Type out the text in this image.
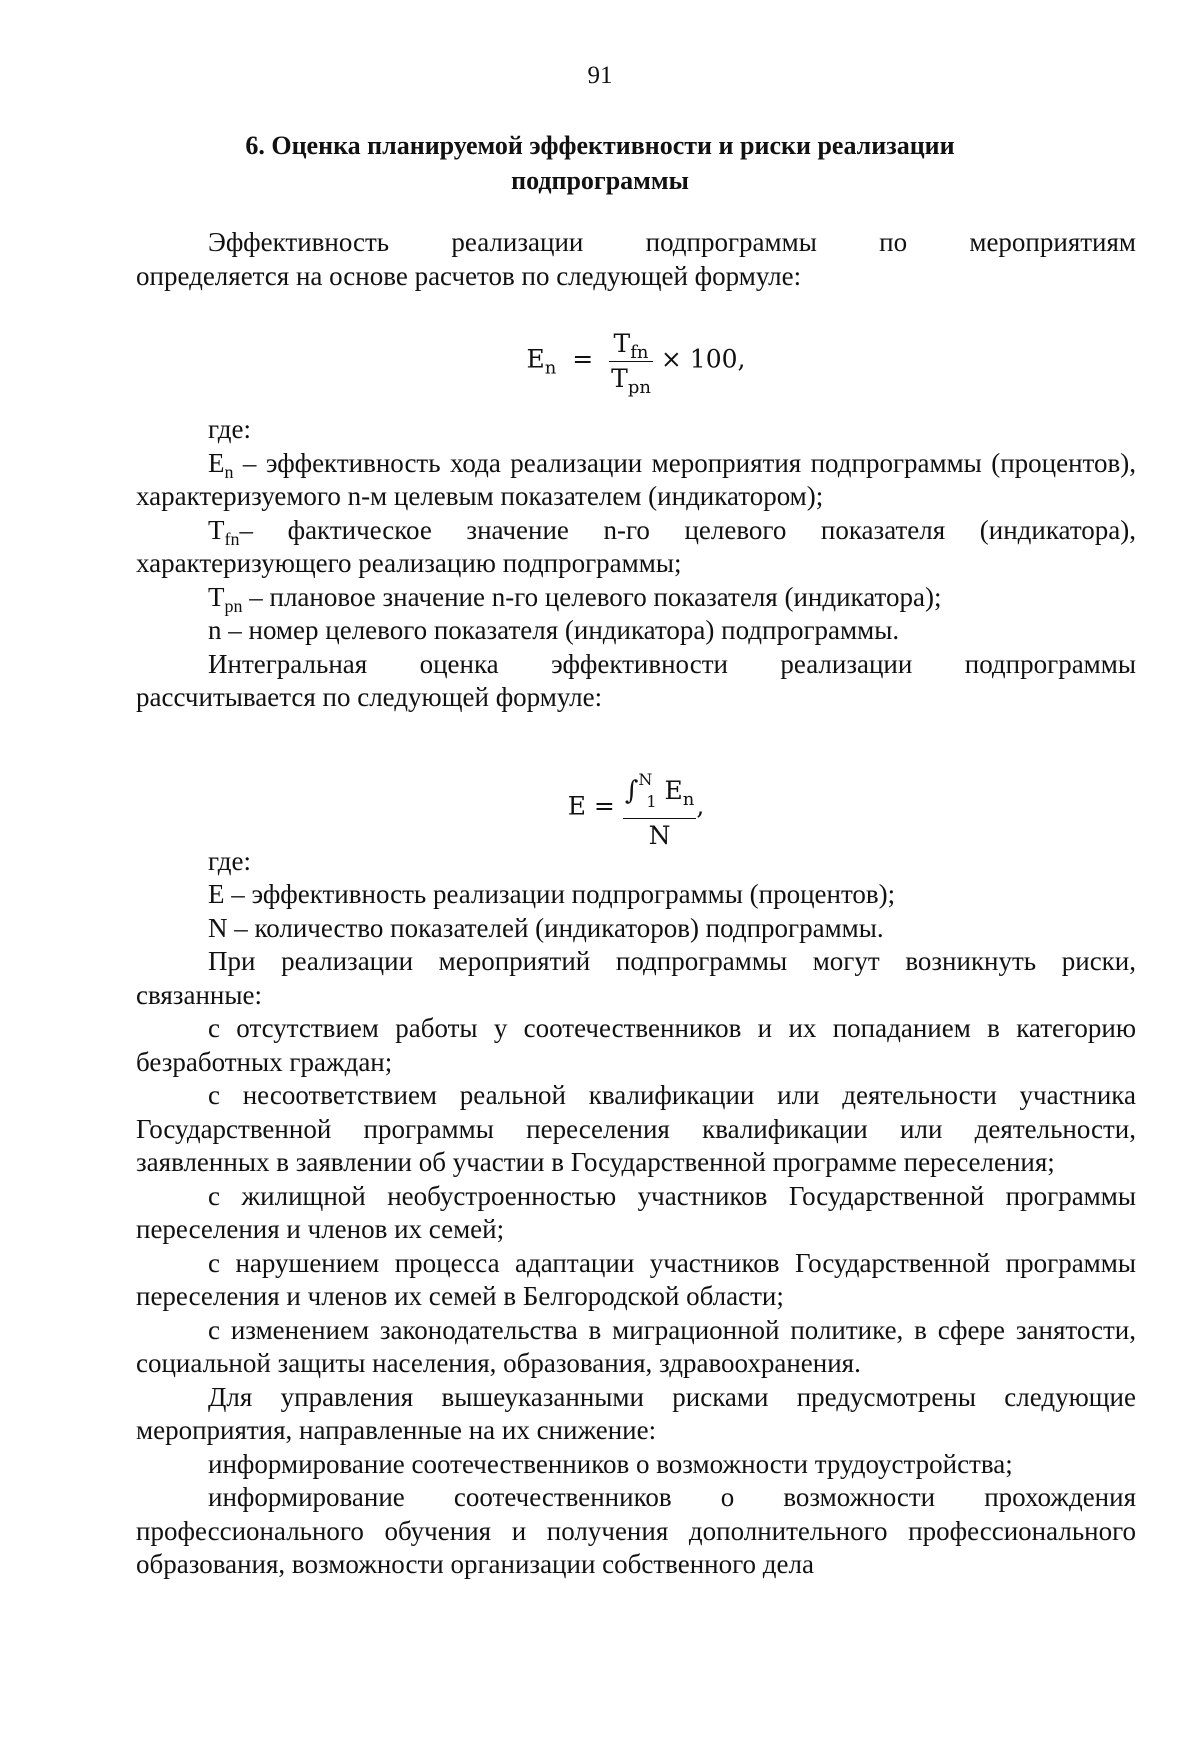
91
6. Оценка планируемой эффективности и риски реализации
подпрограммы

Эффективность реализации подпрограммы по мероприятиям

определяется на основе расчетов по следующей формуле:

$E_n = \frac{T_{fn}}{T_{pn}} \times 100$,

где:

$E_n$ – эффективность хода реализации мероприятия подпрограммы (процентов), характеризуемого n-м целевым показателем (индикатором);

$T_{fn}-$ фактическое значение n-го целевого показателя (индикатора), характеризующего реализацию подпрограммы;

$T_{pn}$ – плановое значение n-го целевого показателя (индикатора);

n – номер целевого показателя (индикатора) подпрограммы.

Интегральная оценка эффективности реализации подпрограммы рассчитывается по следующей формуле:

$E = \frac{\int^N_1 E_n}{N}$ ,

где:

E – эффективность реализации подпрограммы (процентов);

N – количество показателей (индикаторов) подпрограммы.

При реализации мероприятий подпрограммы могут возникнуть риски, связанные:

с отсутствием работы у соотечественников и их попаданием в категорию безработных граждан;

с несоответствием реальной квалификации или деятельности участника Государственной программы переселения квалификации или деятельности, заявленных в заявлении об участии в Государственной программе переселения;

с жилищной необустроенностью участников Государственной программы переселения и членов их семей;

с нарушением процесса адаптации участников Государственной программы переселения и членов их семей в Белгородской области;

с изменением законодательства в миграционной политике, в сфере занятости, социальной защиты населения, образования, здравоохранения.

Для управления вышеуказанными рисками предусмотрены следующие мероприятия, направленные на их снижение:

информирование соотечественников о возможности трудоустройства;

информирование соотечественников о возможности прохождения профессионального обучения и получения дополнительного профессионального образования, возможности организации собственного дела
